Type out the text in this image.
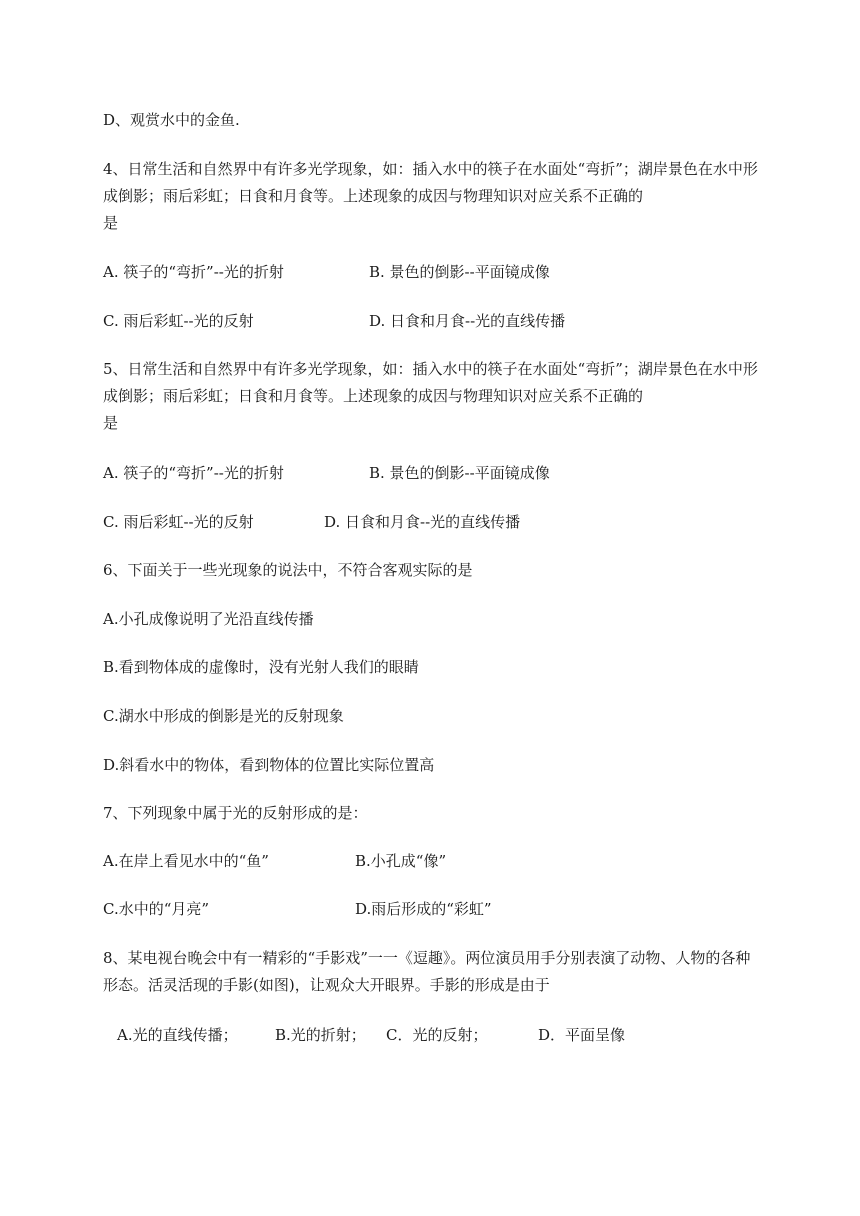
D、观赏水中的金鱼.
4、日常生活和自然界中有许多光学现象，如：插入水中的筷子在水面处“弯折”；湖岸景色在水中形
成倒影；雨后彩虹；日食和月食等。上述现象的成因与物理知识对应关系不正确的
是
A. 筷子的“弯折”--光的折射	B. 景色的倒影--平面镜成像
C. 雨后彩虹--光的反射	D. 日食和月食--光的直线传播
5、日常生活和自然界中有许多光学现象，如：插入水中的筷子在水面处“弯折”；湖岸景色在水中形
成倒影；雨后彩虹；日食和月食等。上述现象的成因与物理知识对应关系不正确的
是
A. 筷子的“弯折”--光的折射	B. 景色的倒影--平面镜成像
C. 雨后彩虹--光的反射	D. 日食和月食--光的直线传播
6、下面关于一些光现象的说法中，不符合客观实际的是
A.小孔成像说明了光沿直线传播
B.看到物体成的虚像时，没有光射人我们的眼睛
C.湖水中形成的倒影是光的反射现象
D.斜看水中的物体，看到物体的位置比实际位置高
7、下列现象中属于光的反射形成的是：
A.在岸上看见水中的“鱼”	B.小孔成“像”
C.水中的“月亮”	D.雨后形成的“彩虹”
8、某电视台晚会中有一精彩的“手影戏”一一《逗趣》。两位演员用手分别表演了动物、人物的各种
形态。活灵活现的手影(如图)，让观众大开眼界。手影的形成是由于
A.光的直线传播； B.光的折射； C．光的反射；	D．平面呈像
